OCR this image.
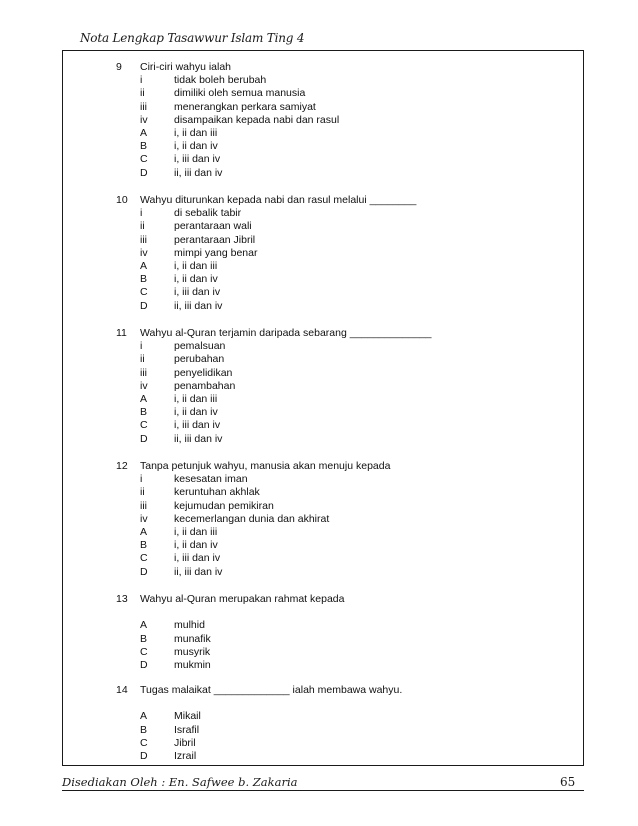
Nota Lengkap Tasawwur Islam Ting 4
9	Ciri-ciri wahyu ialah
i	tidak boleh berubah
ii	dimiliki oleh semua manusia
iii	menerangkan perkara samiyat
iv	disampaikan kepada nabi dan rasul
A	i, ii dan iii
B	i, ii dan iv
C	i, iii dan iv
D	ii, iii dan iv
10	Wahyu diturunkan kepada nabi dan rasul melalui ________
i	di sebalik tabir
ii	perantaraan wali
iii	perantaraan Jibril
iv	mimpi yang benar
A	i, ii dan iii
B	i, ii dan iv
C	i, iii dan iv
D	ii, iii dan iv
11	Wahyu al-Quran terjamin daripada sebarang ______________
i	pemalsuan
ii	perubahan
iii	penyelidikan
iv	penambahan
A	i, ii dan iii
B	i, ii dan iv
C	i, iii dan iv
D	ii, iii dan iv
12	Tanpa petunjuk wahyu, manusia akan menuju kepada
i	kesesatan iman
ii	keruntuhan akhlak
iii	kejumudan pemikiran
iv	kecemerlangan dunia dan akhirat
A	i, ii dan iii
B	i, ii dan iv
C	i, iii dan iv
D	ii, iii dan iv
13	Wahyu al-Quran merupakan rahmat kepada
A	mulhid
B	munafik
C	musyrik
D	mukmin
14	Tugas malaikat _____________ ialah membawa wahyu.
A	Mikail
B	Israfil
C	Jibril
D	Izrail
Disediakan Oleh : En. Safwee b. Zakaria	65
